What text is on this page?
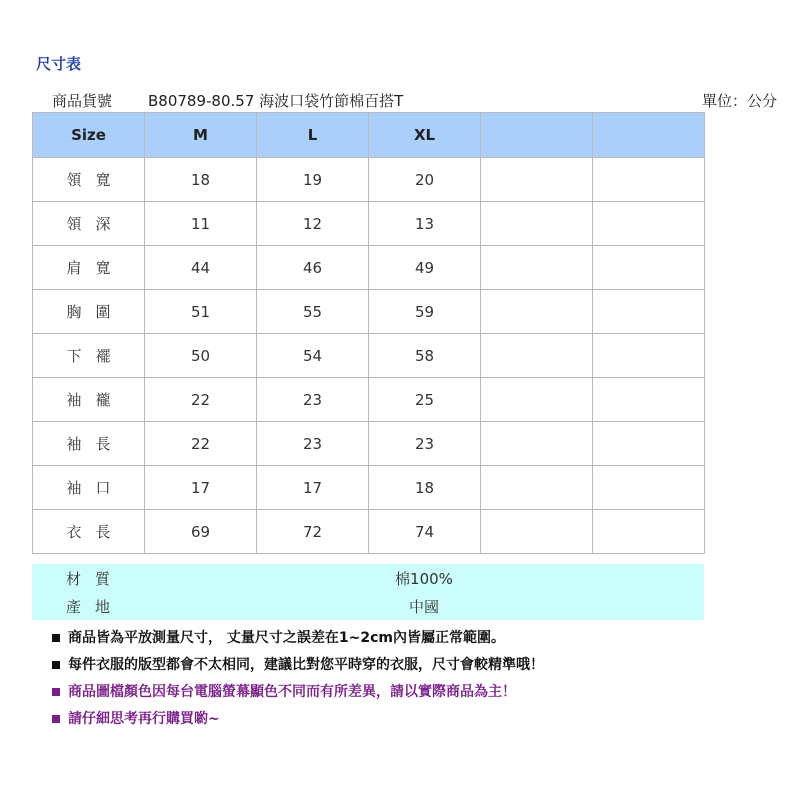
尺寸表
商品貨號 B80789-80.57 海波口袋竹節棉百搭T	單位：公分
Size	M	L	XL		
領寬	18	19	20		
領深	11	12	13		
肩寬	44	46	49		
胸圍	51	55	59		
下襬	50	54	58		
袖襱	22	23	25		
袖長	22	23	23		
袖口	17	17	18		
衣長	69	72	74		
材質	棉100%
產地	中國
商品皆為平放測量尺寸， 丈量尺寸之誤差在1~2cm內皆屬正常範圍。
每件衣服的版型都會不太相同，建議比對您平時穿的衣服，尺寸會較精準哦！
商品圖檔顏色因每台電腦螢幕顯色不同而有所差異，請以實際商品為主！
請仔細思考再行購買喲~
